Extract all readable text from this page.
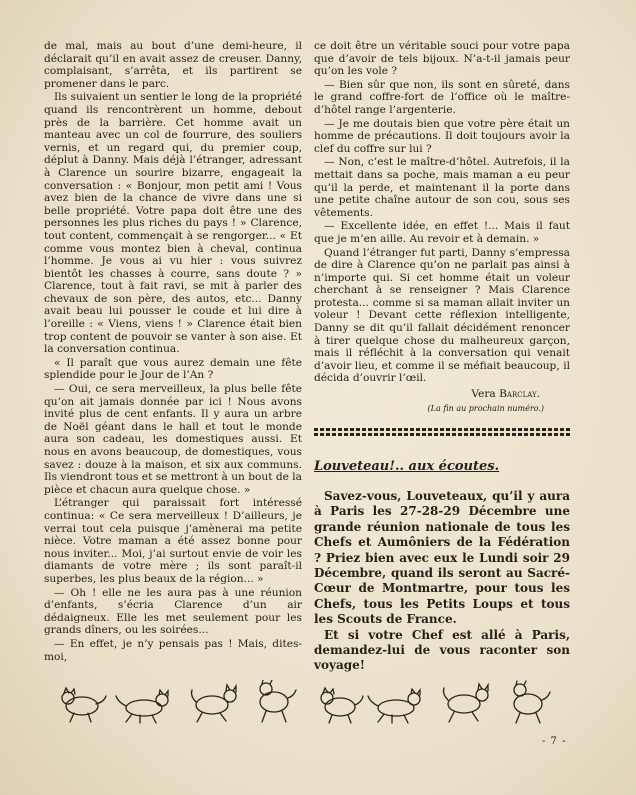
de mal, mais au bout d’une demi-heure, il déclarait qu’il en avait assez de creuser. Danny, complaisant, s’arrêta, et ils partirent se promener dans le parc.

Ils suivaient un sentier le long de la propriété quand ils rencontrèrent un homme, debout près de la barrière. Cet homme avait un manteau avec un col de fourrure, des souliers vernis, et un regard qui, du premier coup, déplut à Danny. Mais déjà l’étranger, adressant à Clarence un sourire bizarre, engageait la conversation : « Bonjour, mon petit ami ! Vous avez bien de la chance de vivre dans une si belle propriété. Votre papa doit être une des personnes les plus riches du pays ! » Clarence, tout content, commençait à se rengorger... « Et comme vous montez bien à cheval, continua l’homme. Je vous ai vu hier : vous suivrez bientôt les chasses à courre, sans doute ? » Clarence, tout à fait ravi, se mit à parler des chevaux de son père, des autos, etc... Danny avait beau lui pousser le coude et lui dire à l’oreille : « Viens, viens ! » Clarence était bien trop content de pouvoir se vanter à son aise. Et la conversation continua.

« Il paraît que vous aurez demain une fête splendide pour le Jour de l’An ?

— Oui, ce sera merveilleux, la plus belle fête qu’on ait jamais donnée par ici ! Nous avons invité plus de cent enfants. Il y aura un arbre de Noël géant dans le hall et tout le monde aura son cadeau, les domestiques aussi. Et nous en avons beaucoup, de domestiques, vous savez : douze à la maison, et six aux communs. Ils viendront tous et se mettront à un bout de la pièce et chacun aura quelque chose. »

L’étranger qui paraissait fort intéressé continua: « Ce sera merveilleux ! D’ailleurs, je verrai tout cela puisque j’amènerai ma petite nièce. Votre maman a été assez bonne pour nous inviter... Moi, j’ai surtout envie de voir les diamants de votre mère ; ils sont paraît-il superbes, les plus beaux de la région... »

— Oh ! elle ne les aura pas à une réunion d’enfants, s’écria Clarence d’un air dédaigneux. Elle les met seulement pour les grands dîners, ou les soirées...

— En effet, je n’y pensais pas ! Mais, dites-moi,

ce doit être un véritable souci pour votre papa que d’avoir de tels bijoux. N’a-t-il jamais peur qu’on les vole ?

— Bien sûr que non, ils sont en sûreté, dans le grand coffre-fort de l’office où le maître-d’hôtel range l’argenterie.

— Je me doutais bien que votre père était un homme de précautions. Il doit toujours avoir la clef du coffre sur lui ?

— Non, c’est le maître-d’hôtel. Autrefois, il la mettait dans sa poche, mais maman a eu peur qu’il la perde, et maintenant il la porte dans une petite chaîne autour de son cou, sous ses vêtements.

— Excellente idée, en effet !... Mais il faut que je m’en aille. Au revoir et à demain. »

Quand l’étranger fut parti, Danny s’empressa de dire à Clarence qu’on ne parlait pas ainsi à n’importe qui. Si cet homme était un voleur cherchant à se renseigner ? Mais Clarence protesta... comme si sa maman allait inviter un voleur ! Devant cette réflexion intelligente, Danny se dit qu’il fallait décidément renoncer à tirer quelque chose du malheureux garçon, mais il réfléchit à la conversation qui venait d’avoir lieu, et comme il se méfiait beaucoup, il décida d’ouvrir l’œil.

Vera Barclay.
(La fin au prochain numéro.)
Louveteau!.. aux écoutes.

Savez-vous, Louveteaux, qu’il y aura à Paris les 27-28-29 Décembre une grande réunion nationale de tous les Chefs et Aumôniers de la Fédération ? Priez bien avec eux le Lundi soir 29 Décembre, quand ils seront au Sacré-Cœur de Montmartre, pour tous les Chefs, tous les Petits Loups et tous les Scouts de France.

Et si votre Chef est allé à Paris, demandez-lui de vous raconter son voyage!

- 7 -
